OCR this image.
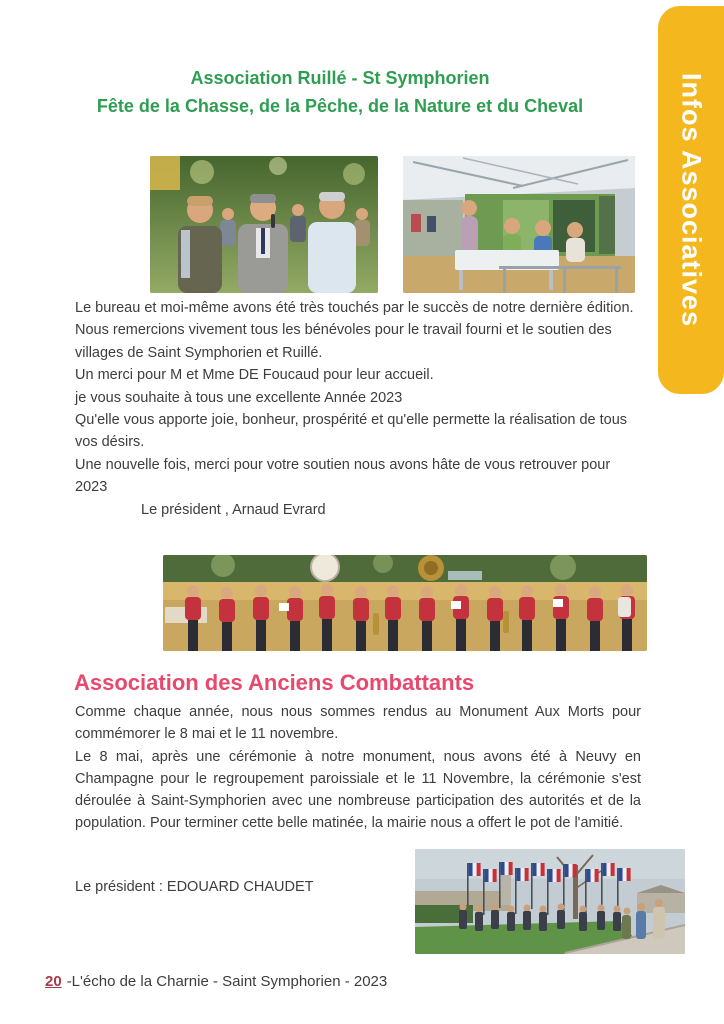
Infos Associatives
Association Ruillé - St Symphorien
Fête de la Chasse, de la Pêche, de la Nature et du Cheval

Le bureau et moi-même avons été très touchés par le succès de notre dernière édition.

Nous remercions vivement tous les bénévoles pour le travail fourni et le soutien des villages de Saint Symphorien et Ruillé.

Un merci pour M et Mme DE Foucaud pour leur accueil.

je vous souhaite à tous une excellente Année 2023

Qu'elle vous apporte joie, bonheur, prospérité et qu'elle permette la réalisation de tous vos désirs.

Une nouvelle fois, merci pour votre soutien nous avons hâte de vous retrouver pour 2023

Le président , Arnaud Evrard

Association des Anciens Combattants

Comme chaque année, nous nous sommes rendus au Monument Aux Morts pour commémorer le 8 mai et le 11 novembre.

Le 8 mai, après une cérémonie à notre monument, nous avons été à Neuvy en Champagne pour le regroupement paroissiale et le 11 Novembre, la cérémonie s'est déroulée à Saint-Symphorien avec une nombreuse participation des autorités et de la population. Pour terminer cette belle matinée, la mairie nous a offert le pot de l'amitié.

Le président : EDOUARD CHAUDET

20 -L'écho de la Charnie - Saint Symphorien - 2023
